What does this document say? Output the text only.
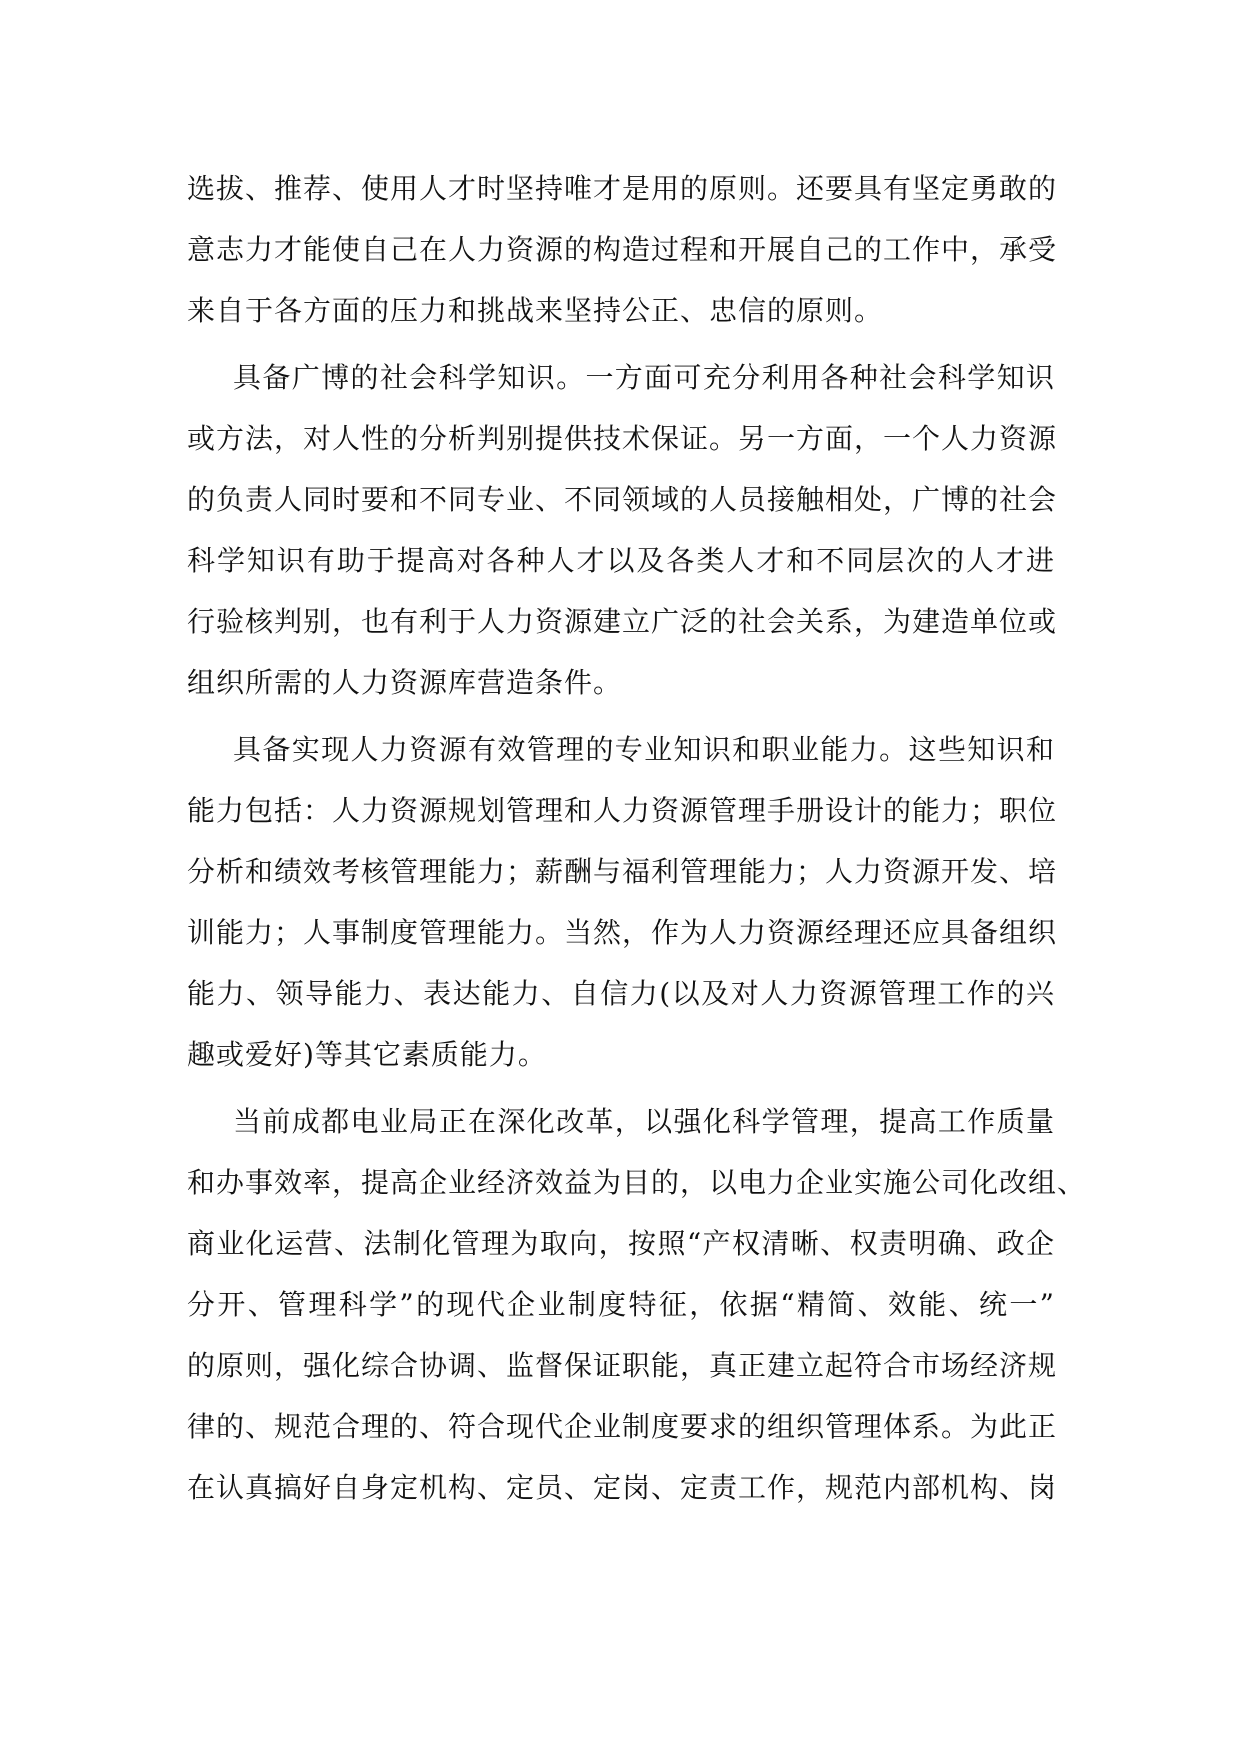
选拔、推荐、使用人才时坚持唯才是用的原则。还要具有坚定勇敢的
意志力才能使自己在人力资源的构造过程和开展自己的工作中，承受
来自于各方面的压力和挑战来坚持公正、忠信的原则。
具备广博的社会科学知识。一方面可充分利用各种社会科学知识
或方法，对人性的分析判别提供技术保证。另一方面，一个人力资源
的负责人同时要和不同专业、不同领域的人员接触相处，广博的社会
科学知识有助于提高对各种人才以及各类人才和不同层次的人才进
行验核判别，也有利于人力资源建立广泛的社会关系，为建造单位或
组织所需的人力资源库营造条件。
具备实现人力资源有效管理的专业知识和职业能力。这些知识和
能力包括：人力资源规划管理和人力资源管理手册设计的能力；职位
分析和绩效考核管理能力；薪酬与福利管理能力；人力资源开发、培
训能力；人事制度管理能力。当然，作为人力资源经理还应具备组织
能力、领导能力、表达能力、自信力(以及对人力资源管理工作的兴
趣或爱好)等其它素质能力。
当前成都电业局正在深化改革，以强化科学管理，提高工作质量
和办事效率，提高企业经济效益为目的，以电力企业实施公司化改组、
商业化运营、法制化管理为取向，按照“产权清晰、权责明确、政企
分开、管理科学”的现代企业制度特征，依据“精简、效能、统一”
的原则，强化综合协调、监督保证职能，真正建立起符合市场经济规
律的、规范合理的、符合现代企业制度要求的组织管理体系。为此正
在认真搞好自身定机构、定员、定岗、定责工作，规范内部机构、岗
